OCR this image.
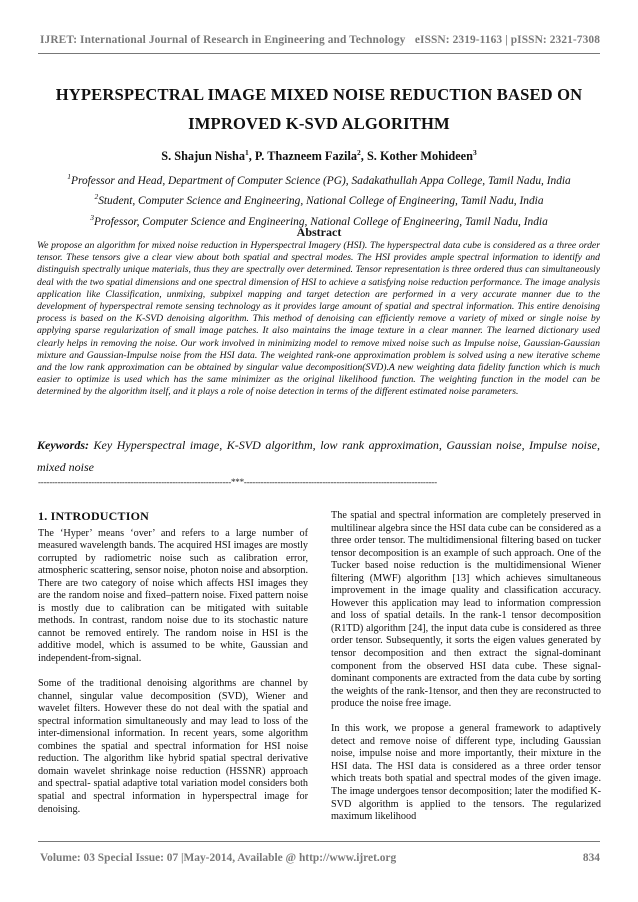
IJRET: International Journal of Research in Engineering and Technology eISSN: 2319-1163 | pISSN: 2321-7308
HYPERSPECTRAL IMAGE MIXED NOISE REDUCTION BASED ON
IMPROVED K-SVD ALGORITHM
S. Shajun Nisha$^1$, P. Thazneem Fazila$^2$, S. Kother Mohideen$^3$
$^1$Professor and Head, Department of Computer Science (PG), Sadakathullah Appa College, Tamil Nadu, India
$^2$Student, Computer Science and Engineering, National College of Engineering, Tamil Nadu, India
$^3$Professor, Computer Science and Engineering, National College of Engineering, Tamil Nadu, India
Abstract
We propose an algorithm for mixed noise reduction in Hyperspectral Imagery (HSI). The hyperspectral data cube is considered as a three order tensor. These tensors give a clear view about both spatial and spectral modes. The HSI provides ample spectral information to identify and distinguish spectrally unique materials, thus they are spectrally over determined. Tensor representation is three ordered thus can simultaneously deal with the two spatial dimensions and one spectral dimension of HSI to achieve a satisfying noise reduction performance. The image analysis application like Classification, unmixing, subpixel mapping and target detection are performed in a very accurate manner due to the development of hyperspectral remote sensing technology as it provides large amount of spatial and spectral information. This entire denoising process is based on the K-SVD denoising algorithm. This method of denoising can efficiently remove a variety of mixed or single noise by applying sparse regularization of small image patches. It also maintains the image texture in a clear manner. The learned dictionary used clearly helps in removing the noise. Our work involved in minimizing model to remove mixed noise such as Impulse noise, Gaussian-Gaussian mixture and Gaussian-Impulse noise from the HSI data. The weighted rank-one approximation problem is solved using a new iterative scheme and the low rank approximation can be obtained by singular value decomposition(SVD).A new weighting data fidelity function which is much easier to optimize is used which has the same minimizer as the original likelihood function. The weighting function in the model can be determined by the algorithm itself, and it plays a role of noise detection in terms of the different estimated noise parameters.
Keywords: Key Hyperspectral image, K-SVD algorithm, low rank approximation, Gaussian noise, Impulse noise, mixed noise
---------------------------------------------------------------------***---------------------------------------------------------------------
1. INTRODUCTION

The ‘Hyper’ means ‘over’ and refers to a large number of measured wavelength bands. The acquired HSI images are mostly corrupted by radiometric noise such as calibration error, atmospheric scattering, sensor noise, photon noise and absorption. There are two category of noise which affects HSI images they are the random noise and fixed–pattern noise. Fixed pattern noise is mostly due to calibration can be mitigated with suitable methods. In contrast, random noise due to its stochastic nature cannot be removed entirely. The random noise in HSI is the additive model, which is assumed to be white, Gaussian and independent-from-signal.

Some of the traditional denoising algorithms are channel by channel, singular value decomposition (SVD), Wiener and wavelet filters. However these do not deal with the spatial and spectral information simultaneously and may lead to loss of the inter-dimensional information. In recent years, some algorithm combines the spatial and spectral information for HSI noise reduction. The algorithm like hybrid spatial spectral derivative domain wavelet shrinkage noise reduction (HSSNR) approach and spectral- spatial adaptive total variation model considers both spatial and spectral information in hyperspectral image for denoising.

The spatial and spectral information are completely preserved in multilinear algebra since the HSI data cube can be considered as a three order tensor. The multidimensional filtering based on tucker tensor decomposition is an example of such approach. One of the Tucker based noise reduction is the multidimensional Wiener filtering (MWF) algorithm [13] which achieves simultaneous improvement in the image quality and classification accuracy. However this application may lead to information compression and loss of spatial details. In the rank-1 tensor decomposition (R1TD) algorithm [24], the input data cube is considered as three order tensor. Subsequently, it sorts the eigen values generated by tensor decomposition and then extract the signal-dominant component from the observed HSI data cube. These signal-dominant components are extracted from the data cube by sorting the weights of the rank-1tensor, and then they are reconstructed to produce the noise free image.

In this work, we propose a general framework to adaptively detect and remove noise of different type, including Gaussian noise, impulse noise and more importantly, their mixture in the HSI data. The HSI data is considered as a three order tensor which treats both spatial and spectral modes of the given image. The image undergoes tensor decomposition; later the modified K-SVD algorithm is applied to the tensors. The regularized maximum likelihood

Volume: 03 Special Issue: 07 |May-2014, Available @ http://www.ijret.org	834
